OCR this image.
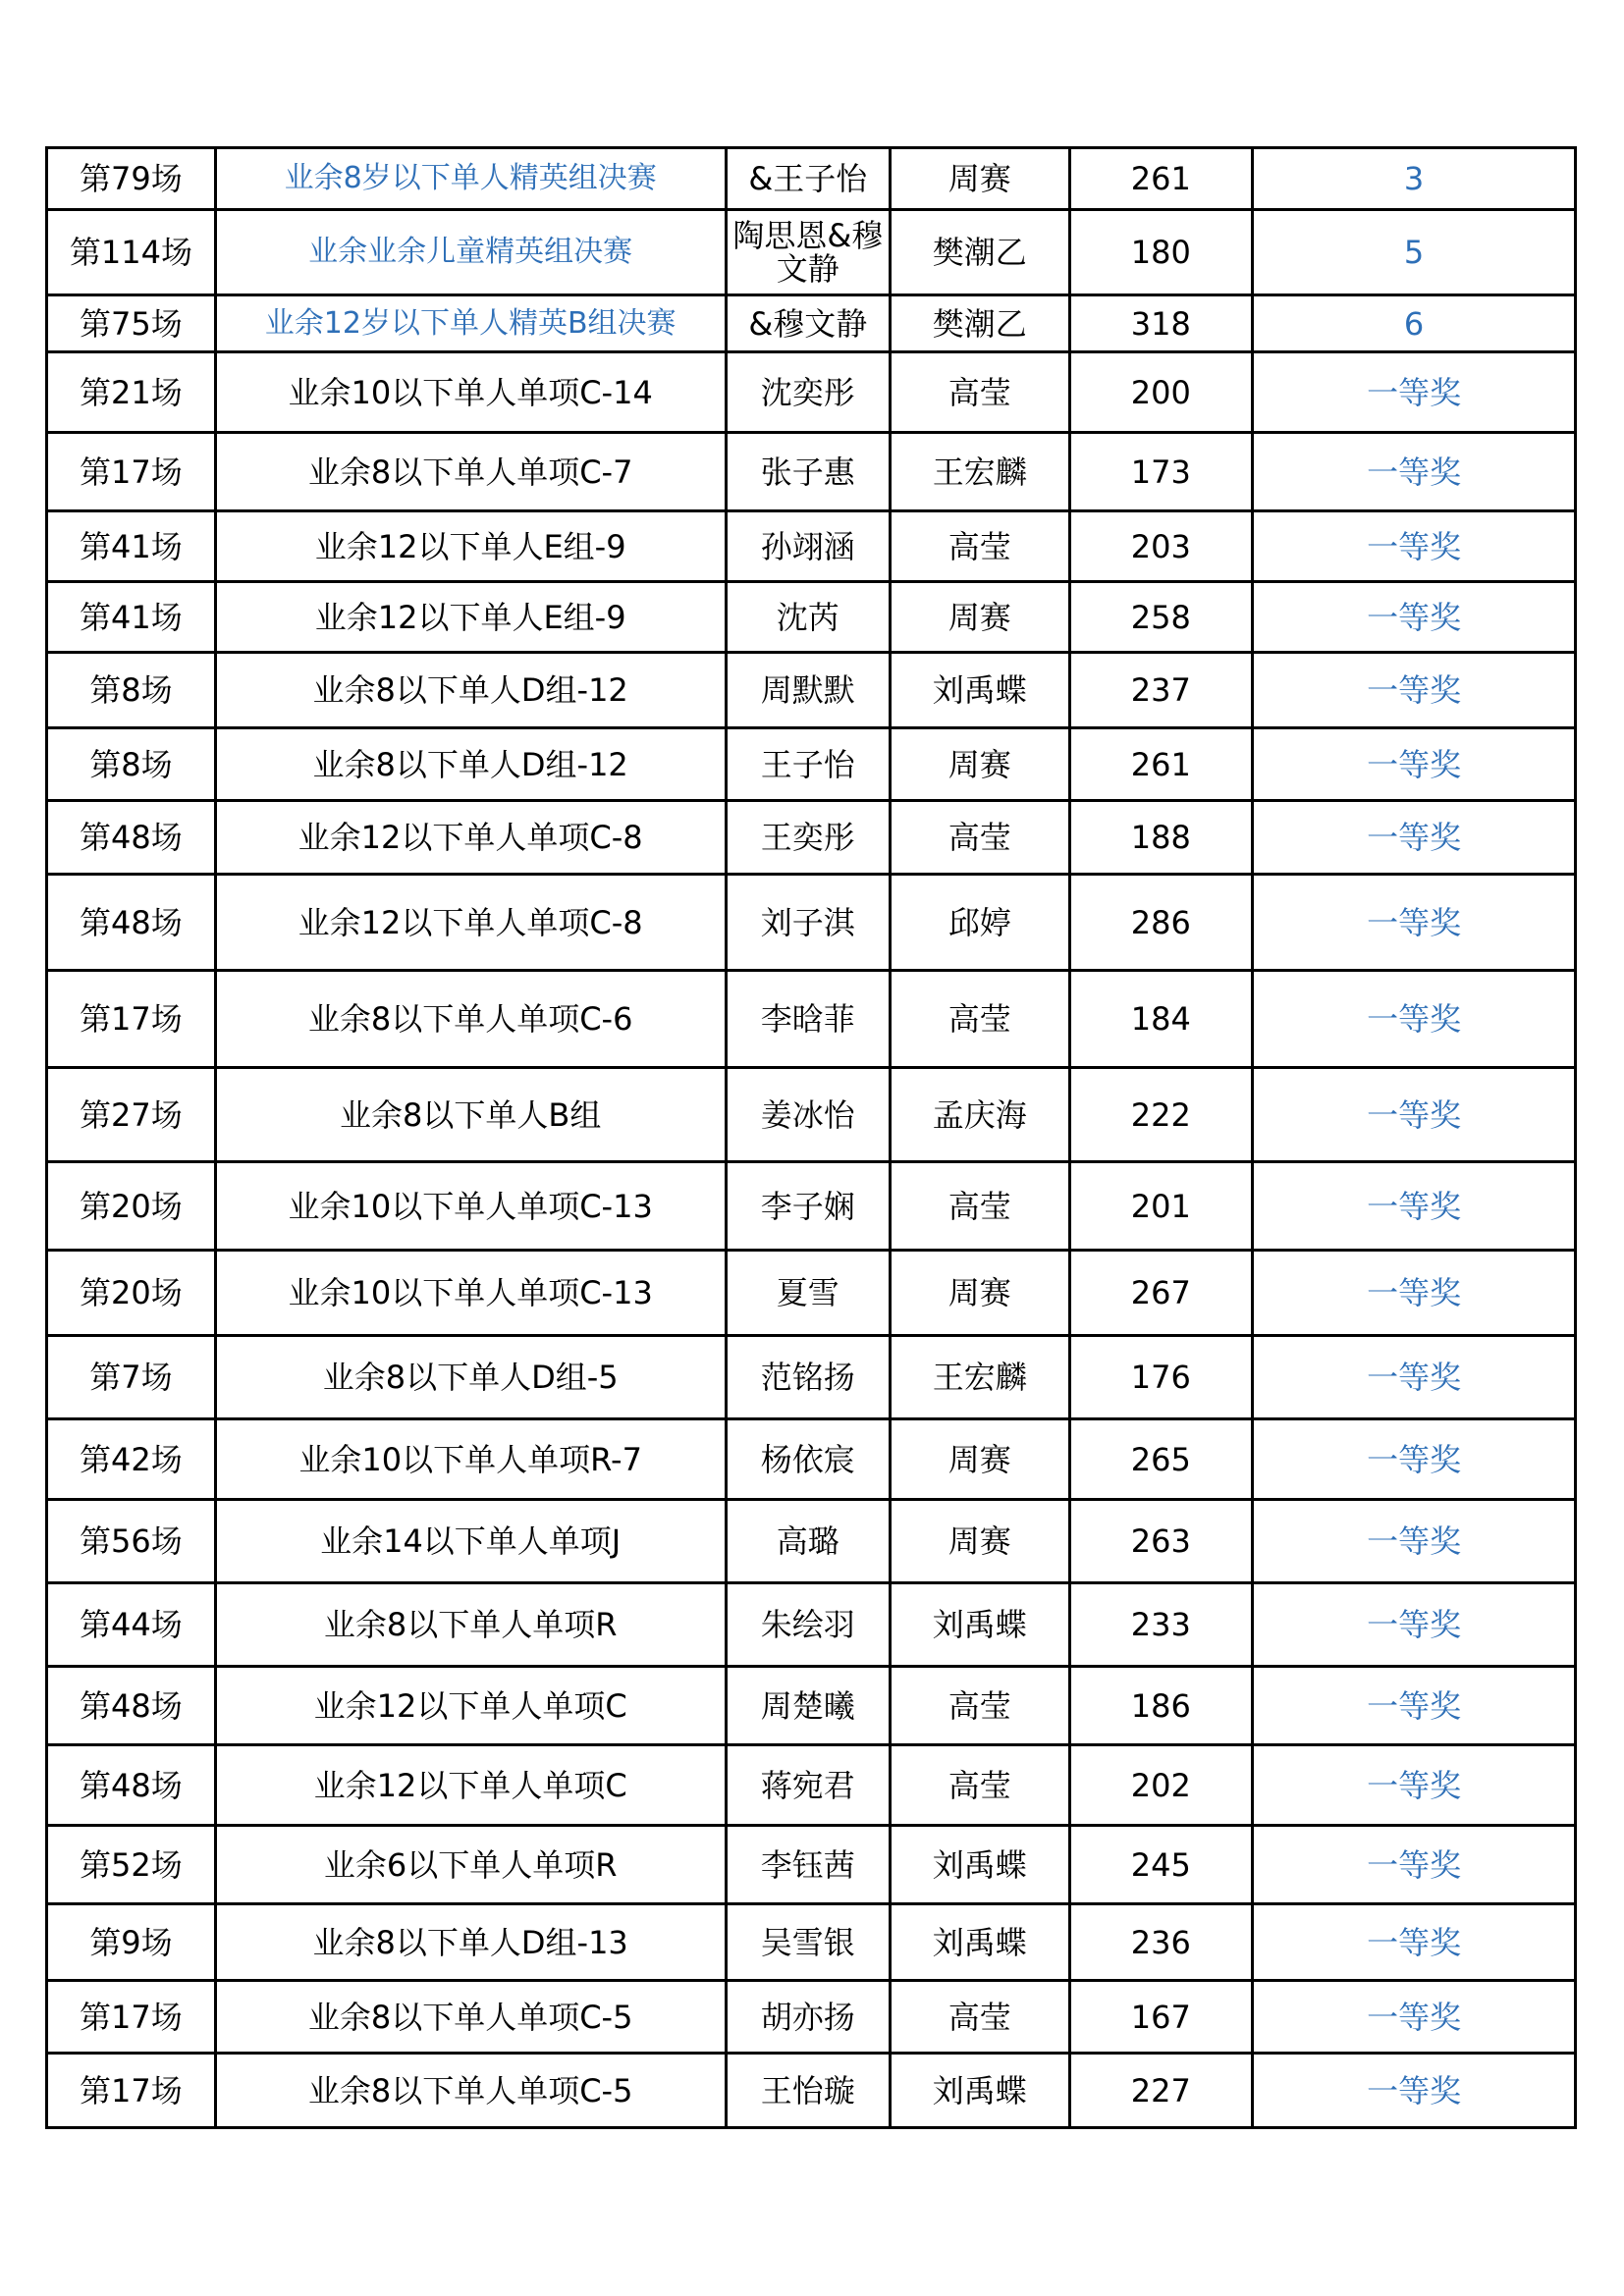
第79场	业余8岁以下单人精英组决赛	&王子怡	周赛	261	3
第114场	业余业余儿童精英组决赛	陶思恩&穆文静	樊潮乙	180	5
第75场	业余12岁以下单人精英B组决赛	&穆文静	樊潮乙	318	6
第21场	业余10以下单人单项C-14	沈奕彤	高莹	200	一等奖
第17场	业余8以下单人单项C-7	张子惠	王宏麟	173	一等奖
第41场	业余12以下单人E组-9	孙翊涵	高莹	203	一等奖
第41场	业余12以下单人E组-9	沈芮	周赛	258	一等奖
第8场	业余8以下单人D组-12	周默默	刘禹蝶	237	一等奖
第8场	业余8以下单人D组-12	王子怡	周赛	261	一等奖
第48场	业余12以下单人单项C-8	王奕彤	高莹	188	一等奖
第48场	业余12以下单人单项C-8	刘子淇	邱婷	286	一等奖
第17场	业余8以下单人单项C-6	李晗菲	高莹	184	一等奖
第27场	业余8以下单人B组	姜冰怡	孟庆海	222	一等奖
第20场	业余10以下单人单项C-13	李子娴	高莹	201	一等奖
第20场	业余10以下单人单项C-13	夏雪	周赛	267	一等奖
第7场	业余8以下单人D组-5	范铭扬	王宏麟	176	一等奖
第42场	业余10以下单人单项R-7	杨依宸	周赛	265	一等奖
第56场	业余14以下单人单项J	高璐	周赛	263	一等奖
第44场	业余8以下单人单项R	朱绘羽	刘禹蝶	233	一等奖
第48场	业余12以下单人单项C	周楚曦	高莹	186	一等奖
第48场	业余12以下单人单项C	蒋宛君	高莹	202	一等奖
第52场	业余6以下单人单项R	李钰茜	刘禹蝶	245	一等奖
第9场	业余8以下单人D组-13	吴雪银	刘禹蝶	236	一等奖
第17场	业余8以下单人单项C-5	胡亦扬	高莹	167	一等奖
第17场	业余8以下单人单项C-5	王怡璇	刘禹蝶	227	一等奖
